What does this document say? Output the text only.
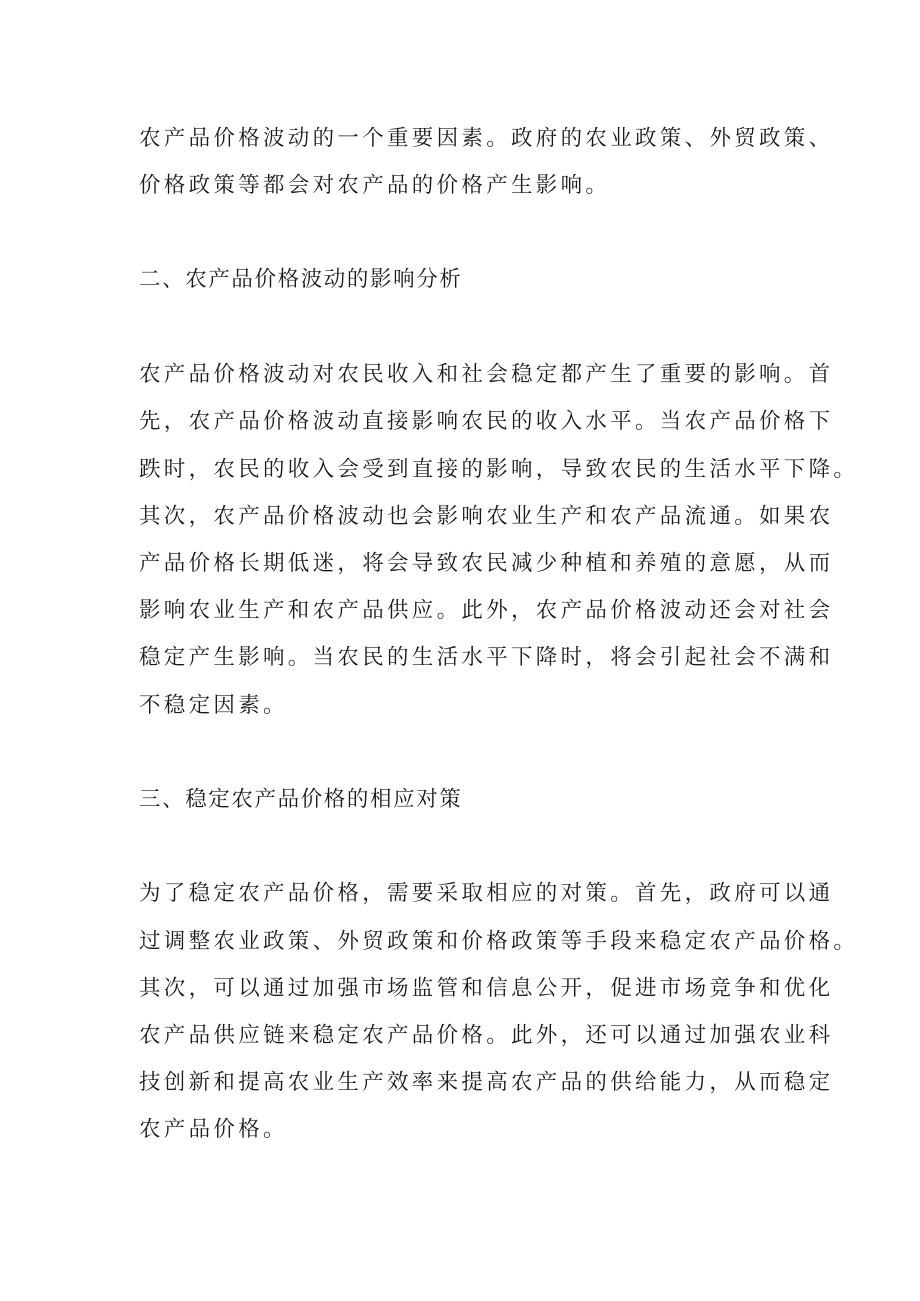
农产品价格波动的一个重要因素。政府的农业政策、外贸政策、
价格政策等都会对农产品的价格产生影响。
二、农产品价格波动的影响分析
农产品价格波动对农民收入和社会稳定都产生了重要的影响。首
先，农产品价格波动直接影响农民的收入水平。当农产品价格下
跌时，农民的收入会受到直接的影响，导致农民的生活水平下降。
其次，农产品价格波动也会影响农业生产和农产品流通。如果农
产品价格长期低迷，将会导致农民减少种植和养殖的意愿，从而
影响农业生产和农产品供应。此外，农产品价格波动还会对社会
稳定产生影响。当农民的生活水平下降时，将会引起社会不满和
不稳定因素。
三、稳定农产品价格的相应对策
为了稳定农产品价格，需要采取相应的对策。首先，政府可以通
过调整农业政策、外贸政策和价格政策等手段来稳定农产品价格。
其次，可以通过加强市场监管和信息公开，促进市场竞争和优化
农产品供应链来稳定农产品价格。此外，还可以通过加强农业科
技创新和提高农业生产效率来提高农产品的供给能力，从而稳定
农产品价格。
